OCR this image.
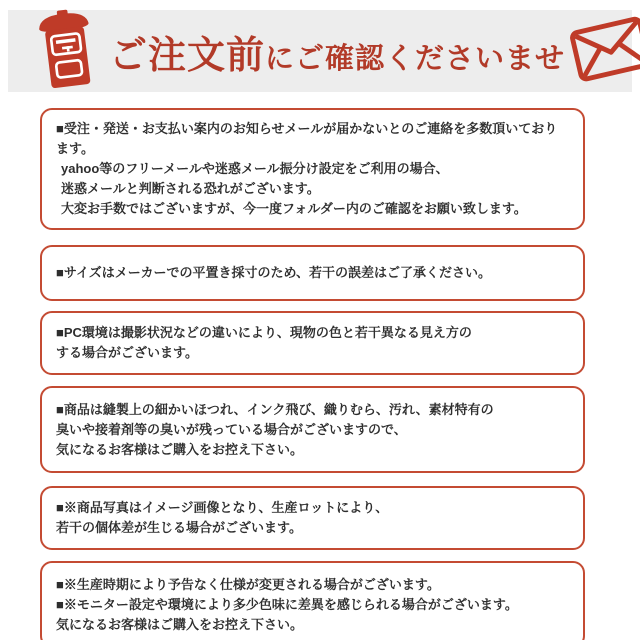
ご注文前にご確認くださいませ

■受注・発送・お支払い案内のお知らせメールが届かないとのご連絡を多数頂いております。

yahoo等のフリーメールや迷惑メール振分け設定をご利用の場合、

迷惑メールと判断される恐れがございます。

大変お手数ではございますが、今一度フォルダー内のご確認をお願い致します。

■サイズはメーカーでの平置き採寸のため、若干の誤差はご了承ください。

■PC環境は撮影状況などの違いにより、現物の色と若干異なる見え方の

する場合がございます。

■商品は縫製上の細かいほつれ、インク飛び、織りむら、汚れ、素材特有の

臭いや接着剤等の臭いが残っている場合がございますので、

気になるお客様はご購入をお控え下さい。

■※商品写真はイメージ画像となり、生産ロットにより、

若干の個体差が生じる場合がございます。

■※生産時期により予告なく仕様が変更される場合がございます。

■※モニター設定や環境により多少色味に差異を感じられる場合がございます。

気になるお客様はご購入をお控え下さい。
